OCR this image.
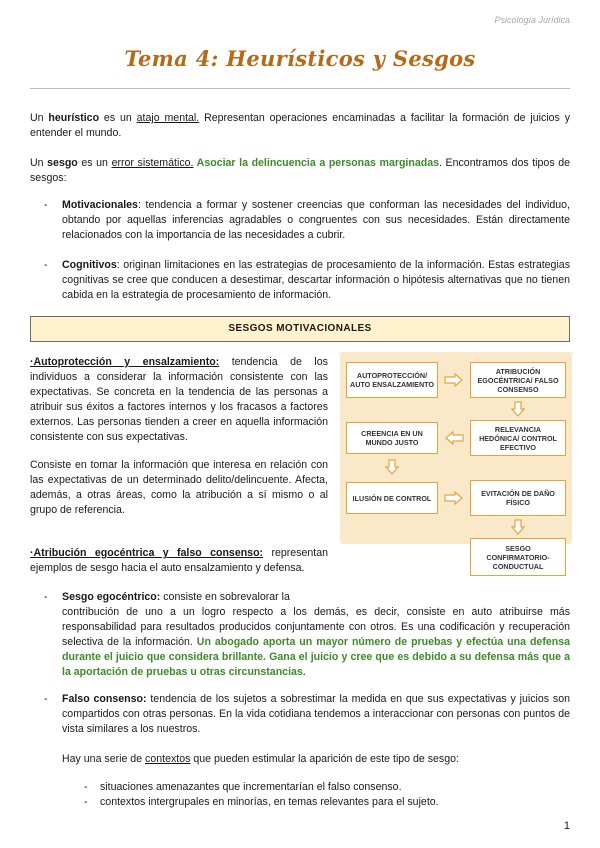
Psicología Jurídica
Tema 4: Heurísticos y Sesgos
Un heurístico es un atajo mental. Representan operaciones encaminadas a facilitar la formación de juicios y entender el mundo.
Un sesgo es un error sistemático. Asociar la delincuencia a personas marginadas. Encontramos dos tipos de sesgos:
- Motivacionales: tendencia a formar y sostener creencias que conforman las necesidades del individuo, obtando por aquellas inferencias agradables o congruentes con sus necesidades. Están directamente relacionados con la importancia de las necesidades a cubrir.
- Cognitivos: originan limitaciones en las estrategias de procesamiento de la información. Estas estrategias cognitivas se cree que conducen a desestimar, descartar información o hipótesis alternativas que no tienen cabida en la estrategia de procesamiento de información.
SESGOS MOTIVACIONALES
·Autoprotección y ensalzamiento: tendencia de los individuos a considerar la información consistente con las expectativas. Se concreta en la tendencia de las personas a atribuir sus éxitos a factores internos y los fracasos a factores externos. Las personas tienden a creer en aquella información consistente con sus expectativas.
Consiste en tomar la información que interesa en relación con las expectativas de un determinado delito/delincuente. Afecta, además, a otras áreas, como la atribución a sí mismo o al grupo de referencia.
·Atribución egocéntrica y falso consenso: representan ejemplos de sesgo hacia el auto ensalzamiento y defensa.
AUTOPROTECCIÓN/ AUTO ENSALZAMIENTO
ATRIBUCIÓN EGOCÉNTRICA/ FALSO CONSENSO
RELEVANCIA HEDÓNICA/ CONTROL EFECTIVO
CREENCIA EN UN MUNDO JUSTO
ILUSIÓN DE CONTROL	EVITACIÓN DE DAÑO FÍSICO
SESGO CONFIRMATORIO- CONDUCTUAL
- Sesgo egocéntrico: consiste en sobrevalorar la
contribución de uno a un logro respecto a los demás, es decir, consiste en auto atribuirse más responsabilidad para resultados producidos conjuntamente con otros. Es una codificación y recuperación selectiva de la información. Un abogado aporta un mayor número de pruebas y efectúa una defensa durante el juicio que considera brillante. Gana el juicio y cree que es debido a su defensa más que a la aportación de pruebas u otras circunstancias.
- Falso consenso: tendencia de los sujetos a sobrestimar la medida en que sus expectativas y juicios son compartidos con otras personas. En la vida cotidiana tendemos a interaccionar con personas con puntos de vista similares a los nuestros.
Hay una serie de contextos que pueden estimular la aparición de este tipo de sesgo:
- situaciones amenazantes que incrementarían el falso consenso.
- contextos intergrupales en minorías, en temas relevantes para el sujeto.
1
